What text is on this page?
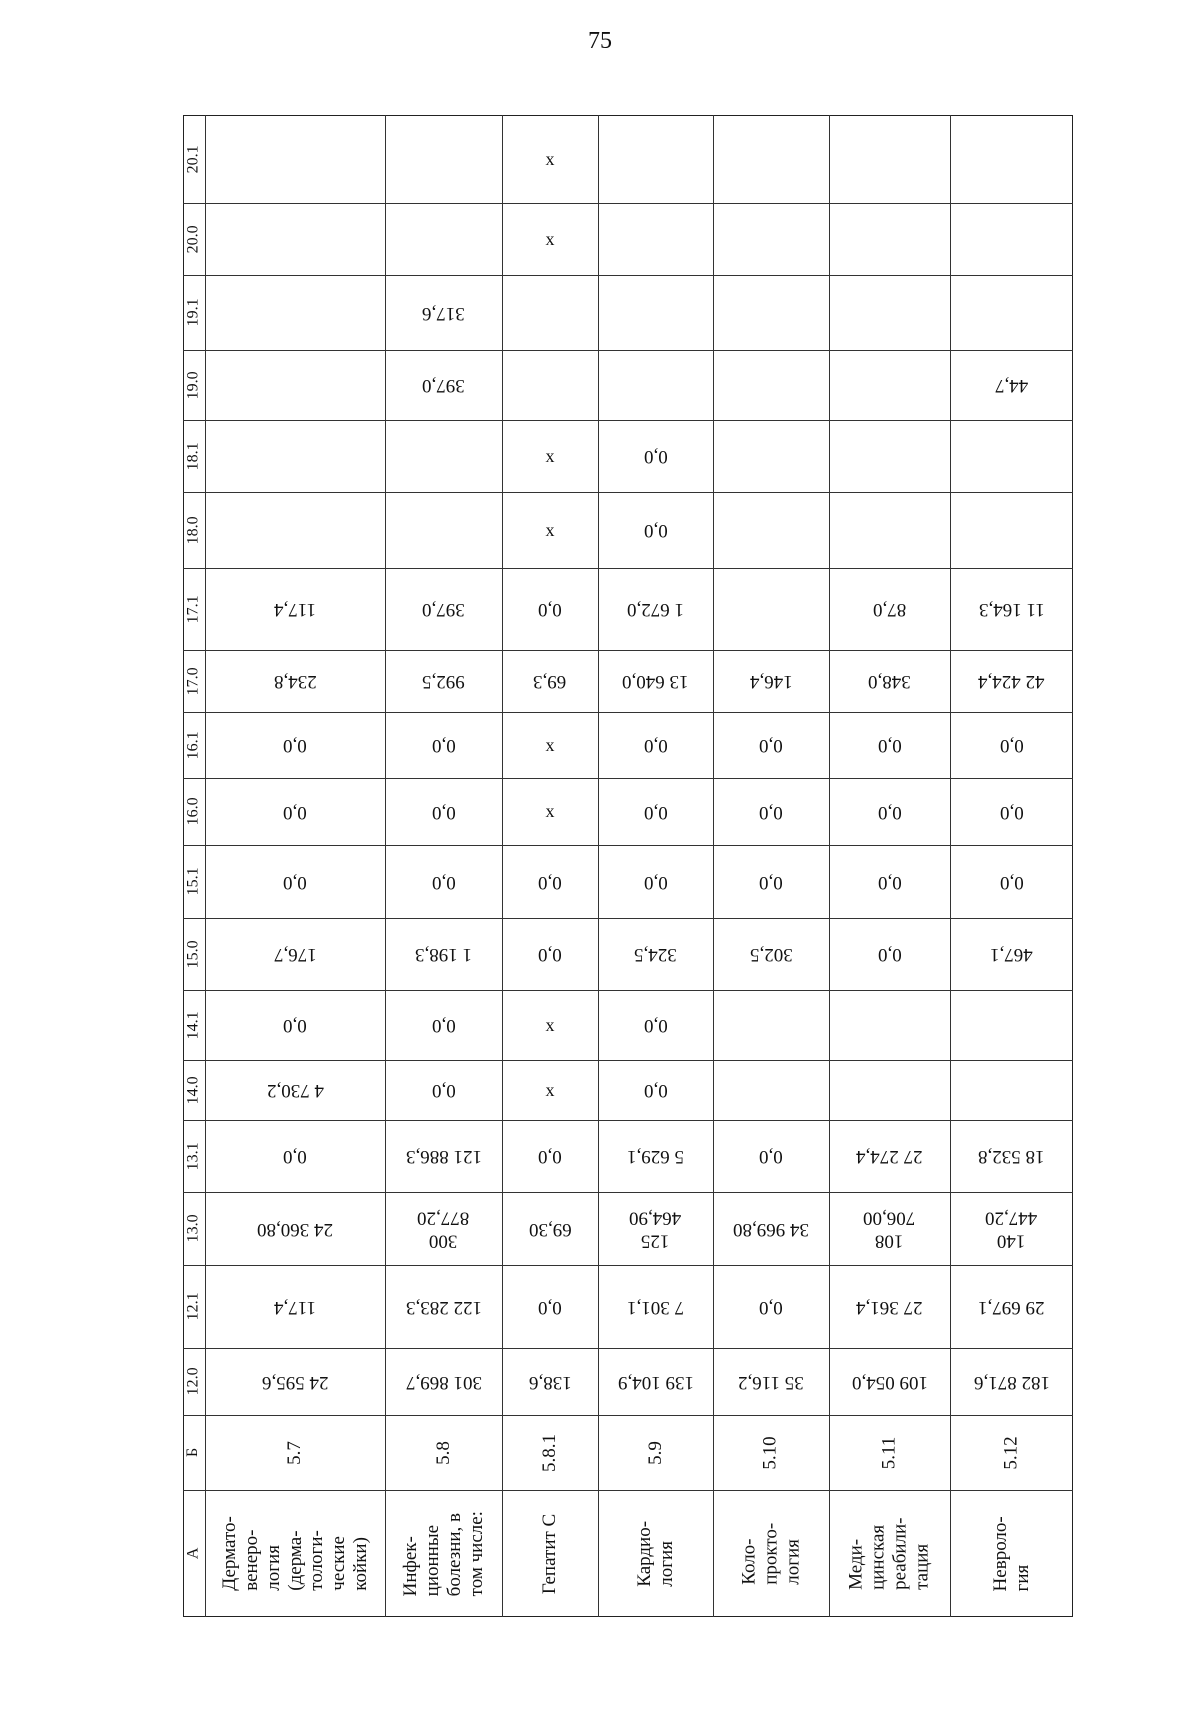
75
12.0
12.1
13.0
13.1
14.0
14.1
15.0
15.1
16.0
16.1
17.0
17.1
18.0
18.1
19.0
19.1
20.0
20.1
Б
А
24 595,6
117,4
24 360,80
0,0
4 730,2
0,0
176,7
0,0
0,0
0,0
234,8
117,4
5.7
Дермато-
венеро-
логия
(дерма-
тологи-
ческие
койки)
301 869,7
122 283,3
300
877,20
121 886,3
0,0
0,0
1 198,3
0,0
0,0
0,0
992,5
397,0
397,0
317,6
5.8
Инфек-
ционные
болезни, в
том числе:
138,6
0,0
69,30
0,0
x
x
0,0
0,0
x
x
69,3
0,0
x
x
x
x
5.8.1
Гепатит С
139 104,9
7 301,1
125
464,90
5 629,1
0,0
0,0
324,5
0,0
0,0
0,0
13 640,0
1 672,0
0,0
0,0
5.9
Кардио-
логия
35 116,2
0,0
34 969,80
0,0
302,5
0,0
0,0
0,0
146,4
5.10
Коло-
прокто-
логия
109 054,0
27 361,4
108
706,00
27 274,4
0,0
0,0
0,0
0,0
348,0
87,0
5.11
Меди-
цинская
реабили-
тация
182 871,6
29 697,1
140
447,20
18 532,8
467,1
0,0
0,0
0,0
42 424,4
11 164,3
44,7
5.12
Невроло-
гия
